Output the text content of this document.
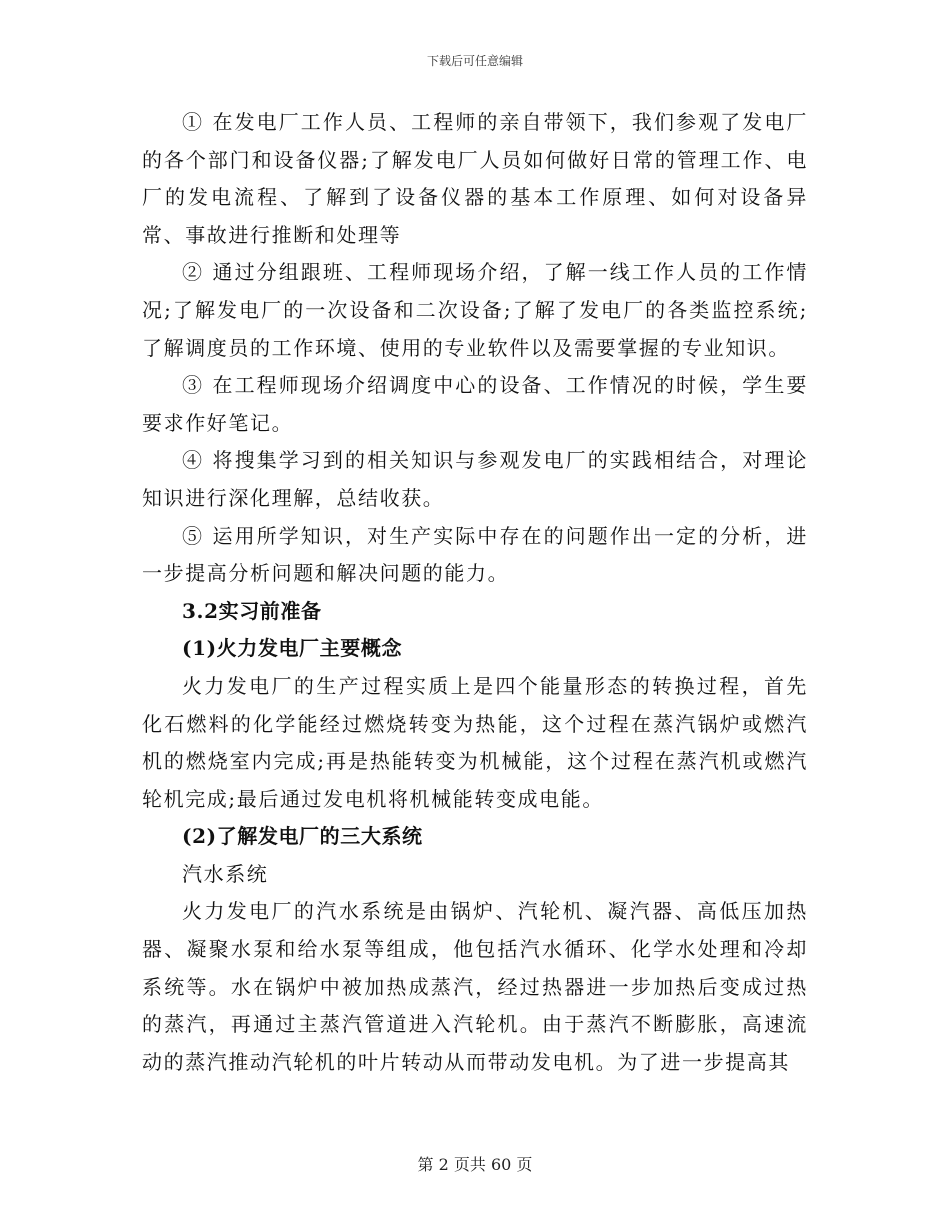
下载后可任意编辑

① 在发电厂工作人员、工程师的亲自带领下，我们参观了发电厂的各个部门和设备仪器;了解发电厂人员如何做好日常的管理工作、电厂的发电流程、了解到了设备仪器的基本工作原理、如何对设备异常、事故进行推断和处理等

② 通过分组跟班、工程师现场介绍，了解一线工作人员的工作情况;了解发电厂的一次设备和二次设备;了解了发电厂的各类监控系统;了解调度员的工作环境、使用的专业软件以及需要掌握的专业知识。

③ 在工程师现场介绍调度中心的设备、工作情况的时候，学生要要求作好笔记。

④ 将搜集学习到的相关知识与参观发电厂的实践相结合，对理论知识进行深化理解，总结收获。

⑤ 运用所学知识，对生产实际中存在的问题作出一定的分析，进一步提高分析问题和解决问题的能力。

3.2实习前准备

(1)火力发电厂主要概念

火力发电厂的生产过程实质上是四个能量形态的转换过程，首先化石燃料的化学能经过燃烧转变为热能，这个过程在蒸汽锅炉或燃汽机的燃烧室内完成;再是热能转变为机械能，这个过程在蒸汽机或燃汽轮机完成;最后通过发电机将机械能转变成电能。

(2)了解发电厂的三大系统

汽水系统

火力发电厂的汽水系统是由锅炉、汽轮机、凝汽器、高低压加热器、凝聚水泵和给水泵等组成，他包括汽水循环、化学水处理和冷却系统等。水在锅炉中被加热成蒸汽，经过热器进一步加热后变成过热的蒸汽，再通过主蒸汽管道进入汽轮机。由于蒸汽不断膨胀，高速流动的蒸汽推动汽轮机的叶片转动从而带动发电机。为了进一步提高其

第 2 页共 60 页
